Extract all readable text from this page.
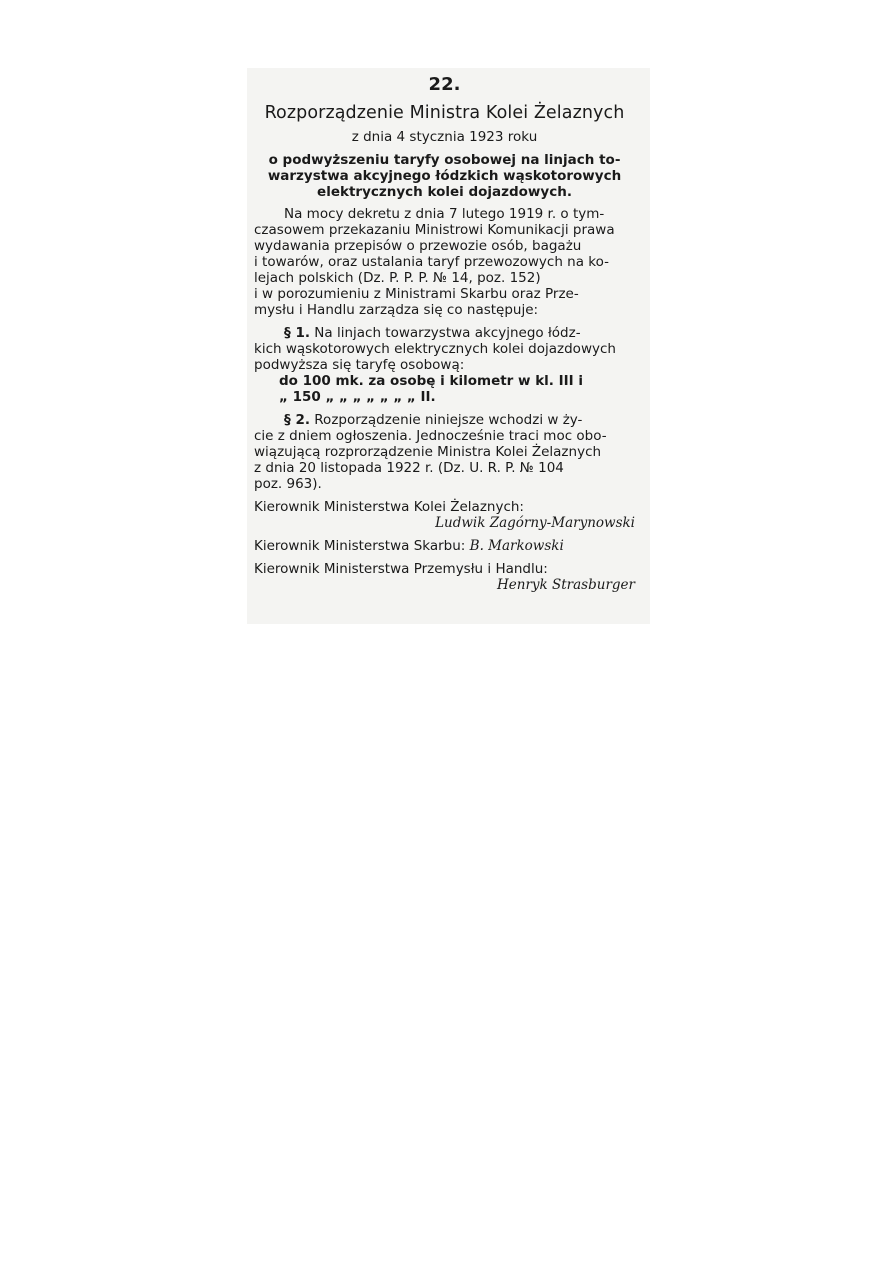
22.
Rozporządzenie Ministra Kolei Żelaznych
z dnia 4 stycznia 1923 roku
o podwyższeniu taryfy osobowej na linjach to-
warzystwa akcyjnego łódzkich wąskotorowych
elektrycznych kolei dojazdowych.
Na mocy dekretu z dnia 7 lutego 1919 r. o tym-
czasowem przekazaniu Ministrowi Komunikacji prawa
wydawania przepisów o przewozie osób, bagażu
i towarów, oraz ustalania taryf przewozowych na ko-
lejach polskich (Dz. P. P. P. № 14, poz. 152)
i w porozumieniu z Ministrami Skarbu oraz Prze-
mysłu i Handlu zarządza się co następuje:
§ 1. Na linjach towarzystwa akcyjnego łódz-
kich wąskotorowych elektrycznych kolei dojazdowych
podwyższa się taryfę osobową:
do 100 mk. za osobę i kilometr w kl. III i
„ 150 „ „ „ „ „ „ „ II.
§ 2. Rozporządzenie niniejsze wchodzi w ży-
cie z dniem ogłoszenia. Jednocześnie traci moc obo-
wiązującą rozprorządzenie Ministra Kolei Żelaznych
z dnia 20 listopada 1922 r. (Dz. U. R. P. № 104
poz. 963).
Kierownik Ministerstwa Kolei Żelaznych:
Ludwik Zagórny-Marynowski
Kierownik Ministerstwa Skarbu: B. Markowski
Kierownik Ministerstwa Przemysłu i Handlu:
Henryk Strasburger
